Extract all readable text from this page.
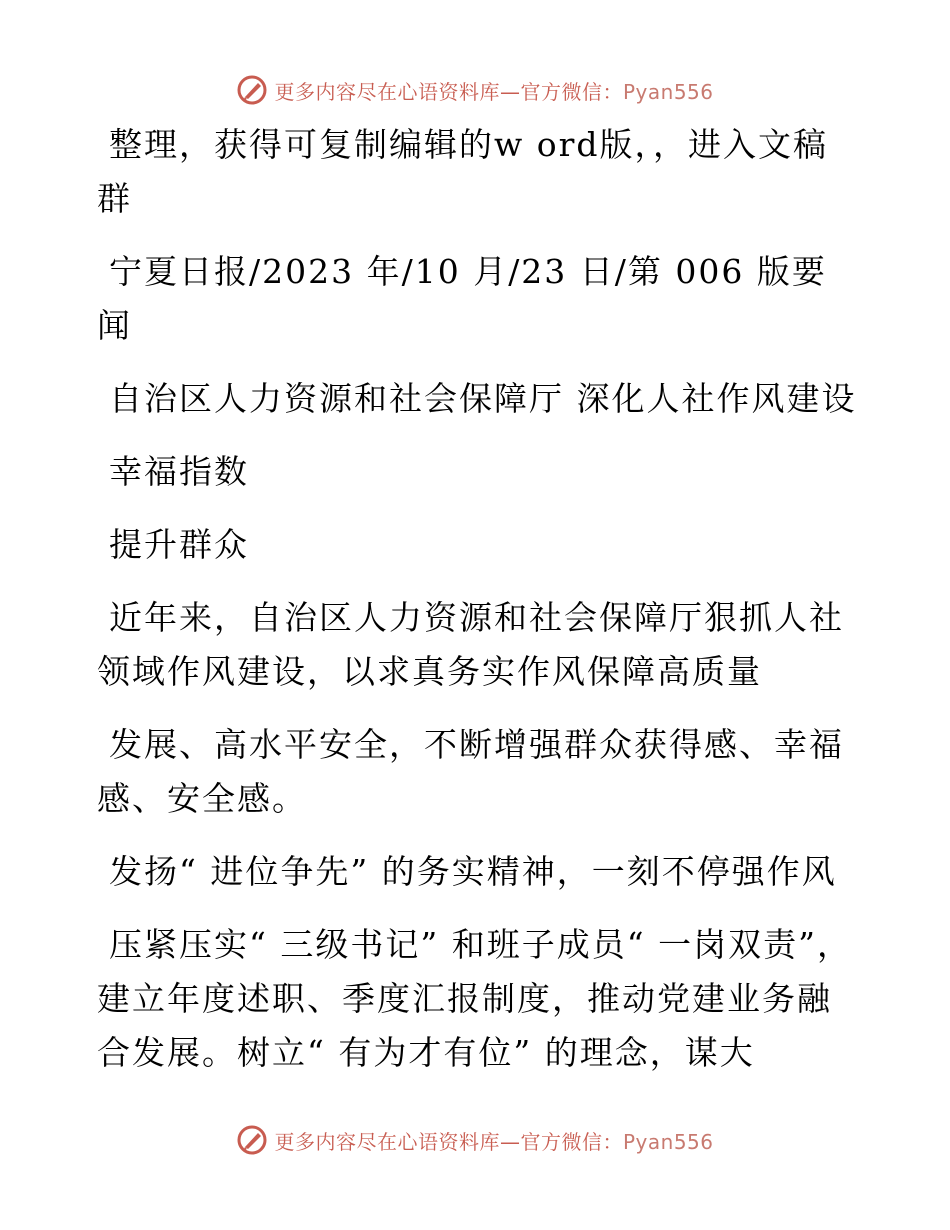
更多内容尽在心语资料库—官方微信：Pyan556

整理，获得可复制编辑的w ord版，，进入文稿群

宁夏日报/2023 年/10 月/23 日/第 006 版要闻

自治区人力资源和社会保障厅 深化人社作风建设

幸福指数

提升群众

近年来，自治区人力资源和社会保障厅狠抓人社领域作风建设，以求真务实作风保障高质量

发展、高水平安全，不断增强群众获得感、幸福感、安全感。

发扬“ 进位争先” 的务实精神，一刻不停强作风

压紧压实“ 三级书记” 和班子成员“ 一岗双责”，建立年度述职、季度汇报制度，推动党建业务融合发展。树立“ 有为才有位” 的理念，谋大

更多内容尽在心语资料库—官方微信：Pyan556
